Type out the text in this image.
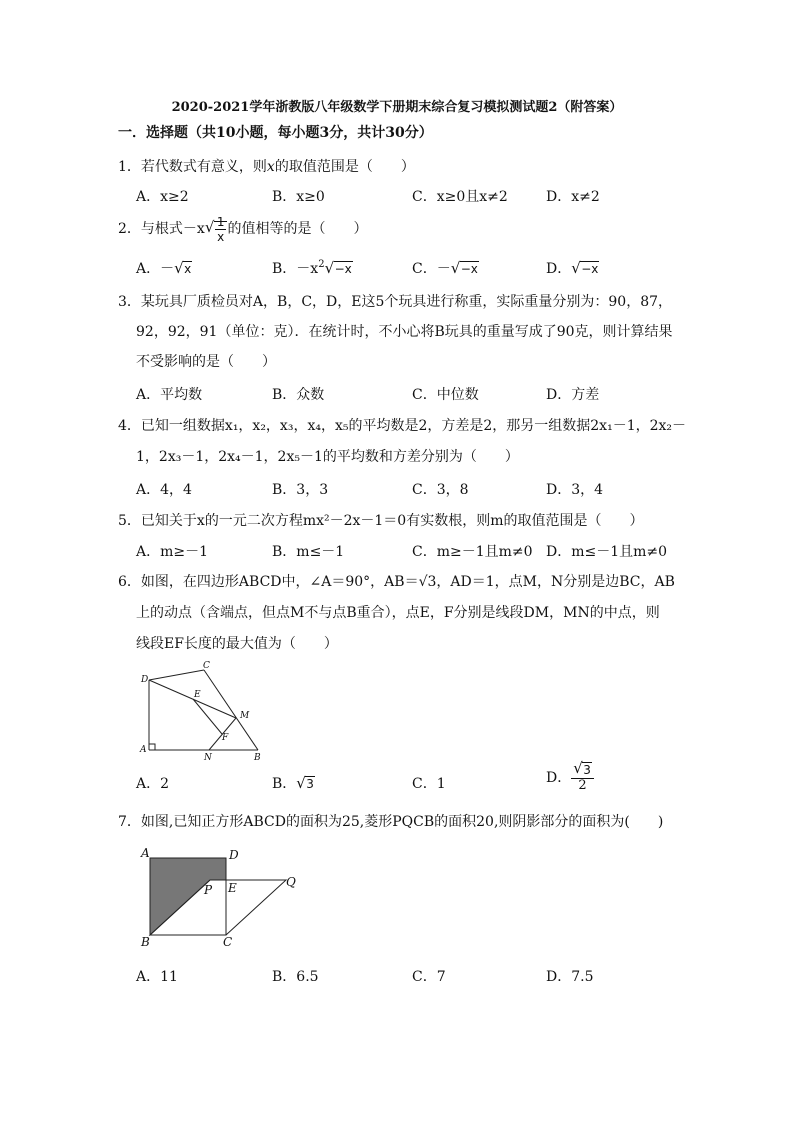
2020-2021学年浙教版八年级数学下册期末综合复习模拟测试题2（附答案）
一．选择题（共10小题，每小题3分，共计30分）
1．若代数式有意义，则x的取值范围是（　　）
A．x≥2	B．x≥0	C．x≥0且x≠2	D．x≠2
2．与根式－x
√ $\frac{1}{x}$ 的值相等的是（　　）
A．－√ x	B．$-x^2√ -x$	C．－√ −x	D．√ −x
3．某玩具厂质检员对A，B，C，D，E这5个玩具进行称重，实际重量分别为：90，87，
92，92，91（单位：克）．在统计时，不小心将B玩具的重量写成了90克，则计算结果
不受影响的是（　　）
A．平均数	B．众数	C．中位数	D．方差
4．已知一组数据x₁，x₂，x₃，x₄，x₅的平均数是2，方差是2，那另一组数据2x₁－1，2x₂－
1，2x₃－1，2x₄－1，2x₅－1的平均数和方差分别为（　　）
A．4，4	B．3，3	C．3，8	D．3，4
5．已知关于x的一元二次方程mx²－2x－1＝0有实数根，则m的取值范围是（　　）
A．m≥－1	B．m≤－1	C．m≥－1且m≠0 D．m≤－1且m≠0
6．如图，在四边形ABCD中，∠A＝90°，AB＝√3，AD＝1，点M，N分别是边BC，AB
上的动点（含端点，但点M不与点B重合），点E，F分别是线段DM，MN的中点，则
线段EF长度的最大值为（　　）
C
D
E
M
F
A
N	B
A．2	B．√ 3	C．1	D．
√ $\frac{3}{2}$
7．如图,已知正方形ABCD的面积为25,菱形PQCB的面积20,则阴影部分的面积为(　　)
A	D
P E	Q
B	C
A．11	B．6.5	C．7	D．7.5
